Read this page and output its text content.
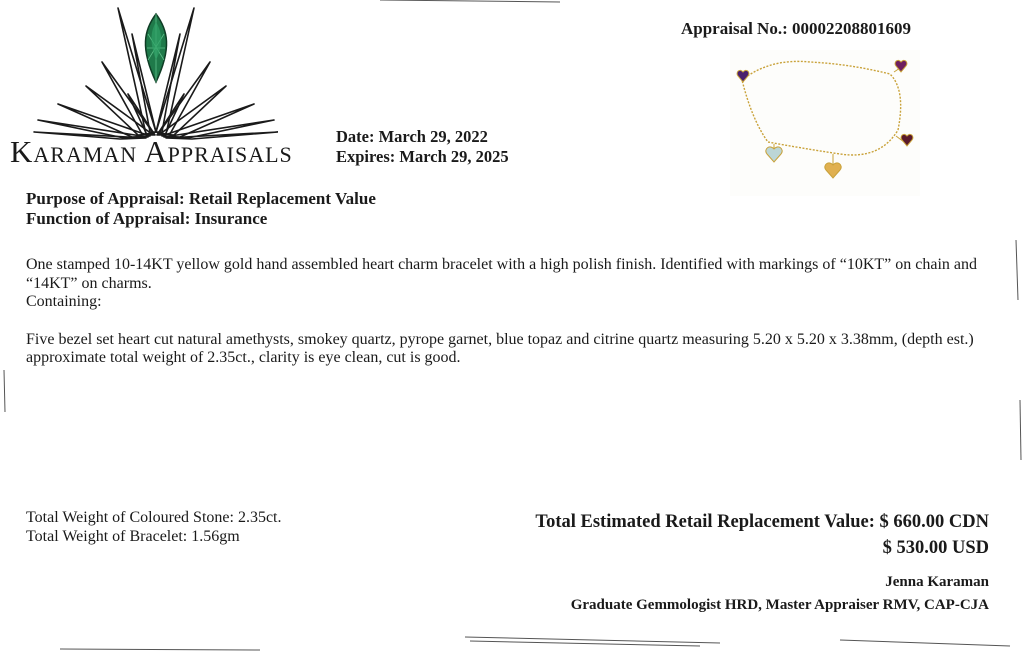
Karaman Appraisals	Date: March 29, 2022
Expires: March 29, 2025
Appraisal No.: 00002208801609
Purpose of Appraisal: Retail Replacement Value
Function of Appraisal: Insurance

One stamped 10-14KT yellow gold hand assembled heart charm bracelet with a high polish finish. Identified with markings of “10KT” on chain and “14KT” on charms.

Containing:

Five bezel set heart cut natural amethysts, smokey quartz, pyrope garnet, blue topaz and citrine quartz measuring 5.20 x 5.20 x 3.38mm, (depth est.) approximate total weight of 2.35ct., clarity is eye clean, cut is good.

Total Weight of Coloured Stone: 2.35ct.
Total Weight of Bracelet: 1.56gm
Total Estimated Retail Replacement Value: $ 660.00 CDN
$ 530.00 USD
Jenna Karaman
Graduate Gemmologist HRD, Master Appraiser RMV, CAP-CJA
